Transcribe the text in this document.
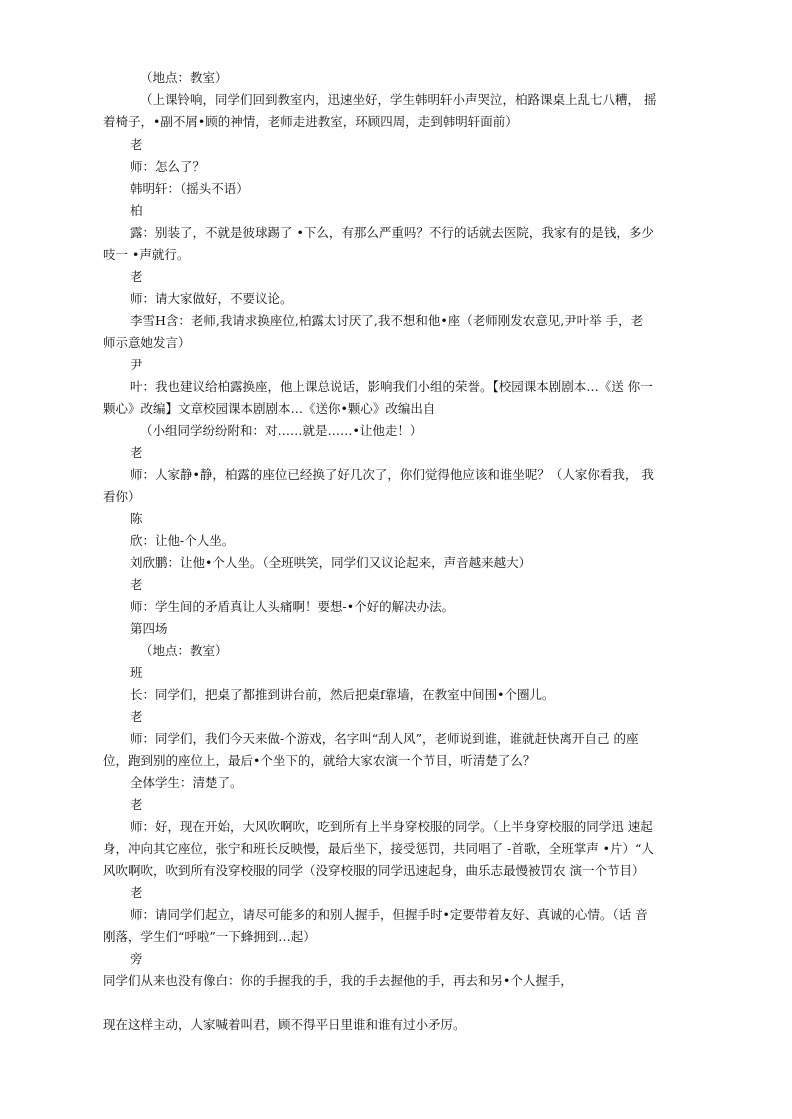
（地点：教室）
（上课铃响，同学们回到教室内，迅速坐好，学生韩明轩小声哭泣，柏路课桌上乱七八糟， 摇
着椅子，•副不屑•顾的神情，老师走进教室，环顾四周，走到韩明轩面前）
老
师：怎么了？
韩明轩：（摇头不语）
柏
露：别装了，不就是彼球踢了 •下么，有那么严重吗？不行的话就去医院，我家有的是钱，多少
吱一 •声就行。
老
师：请大家做好，不要议论。
李雪H含：老师,我请求换座位,柏露太讨厌了,我不想和他•座（老师刚发农意见,尹叶举 手，老
师示意她发言）
尹
叶：我也建议给柏露换座，他上课总说话，影响我们小组的荣誉。【校园课本剧剧本…《送 你一
颗心》改编】文章校园课本剧剧本…《送你•颗心》改编出自
（小组同学纷纷附和：对……就是……•让他走！）
老
师：人家静•静，柏露的座位已经换了好几次了，你们觉得他应该和谁坐呢？（人家你看我， 我
看你）
陈
欣：让他-个人坐。
刘欣鹏：让他•个人坐。（全班哄笑，同学们又议论起来，声音越来越大）
老
师：学生间的矛盾真让人头痛啊！要想-•个好的解决办法。
第四场
（地点：教室）
班
长：同学们，把桌了都推到讲台前，然后把桌f靠墙，在教室中间围•个圈儿。
老
师：同学们，我们今天来做-个游戏，名字叫“刮人风”，老师说到谁，谁就赶快离开自己 的座
位，跑到别的座位上，最后•个坐下的，就给大家农演一个节目，听清楚了么？
全体学生：清楚了。
老
师：好，现在开始，大风吹啊吹，吃到所有上半身穿校服的同学。（上半身穿校服的同学迅 速起
身，冲向其它座位，张宁和班长反映慢，最后坐下，接受惩罚，共同唱了 -首歌，全班掌声 •片）“人
风吹啊吹，吹到所有没穿校服的同学（没穿校服的同学迅速起身，曲乐志最慢被罚农 演一个节目）
老
师：请同学们起立，请尽可能多的和别人握手，但握手时•定要带着友好、真诚的心情。（话 音
刚落，学生们“呼啦”一下蜂拥到…起）
旁
同学们从来也没有像白：你的手握我的手，我的手去握他的手，再去和另•个人握手，
现在这样主动，人家喊着叫君，顾不得平日里谁和谁有过小矛厉。
